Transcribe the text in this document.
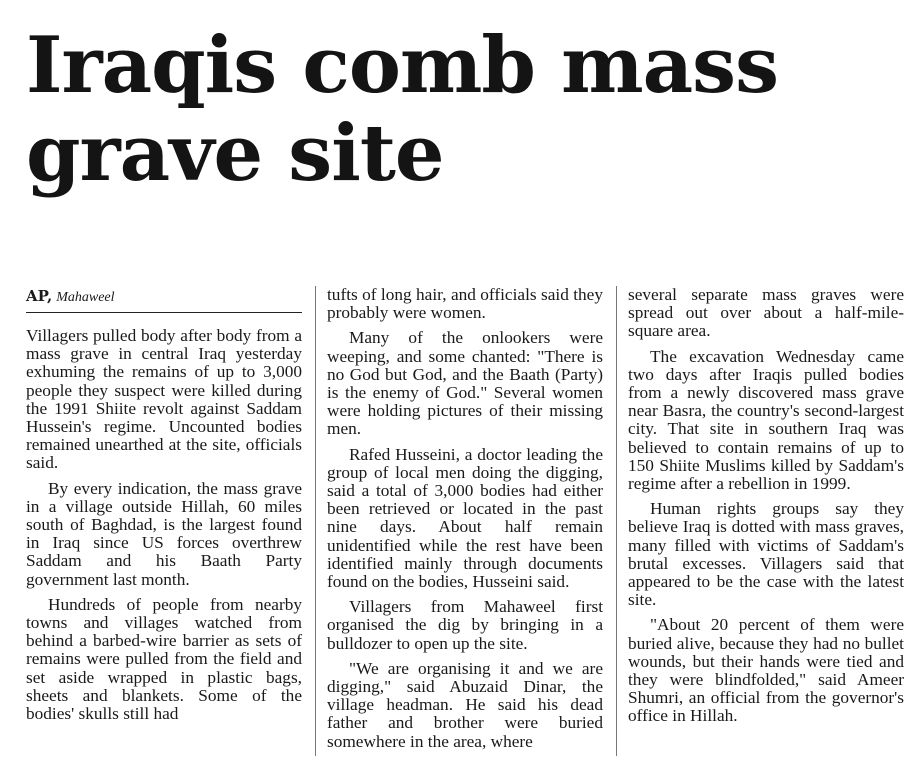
Iraqis comb mass grave site
AP, Mahaweel

Villagers pulled body after body from a mass grave in central Iraq yesterday exhuming the remains of up to 3,000 people they suspect were killed during the 1991 Shiite revolt against Saddam Hussein's regime. Uncounted bodies remained unearthed at the site, officials said.

By every indication, the mass grave in a village outside Hillah, 60 miles south of Baghdad, is the largest found in Iraq since US forces overthrew Saddam and his Baath Party government last month.

Hundreds of people from nearby towns and villages watched from behind a barbed-wire barrier as sets of remains were pulled from the field and set aside wrapped in plastic bags, sheets and blankets. Some of the bodies' skulls still had

tufts of long hair, and officials said they probably were women.

Many of the onlookers were weeping, and some chanted: "There is no God but God, and the Baath (Party) is the enemy of God." Several women were holding pictures of their missing men.

Rafed Husseini, a doctor leading the group of local men doing the digging, said a total of 3,000 bodies had either been retrieved or located in the past nine days. About half remain unidentified while the rest have been identified mainly through documents found on the bodies, Husseini said.

Villagers from Mahaweel first organised the dig by bringing in a bulldozer to open up the site.

"We are organising it and we are digging," said Abuzaid Dinar, the village headman. He said his dead father and brother were buried somewhere in the area, where

several separate mass graves were spread out over about a half-mile-square area.

The excavation Wednesday came two days after Iraqis pulled bodies from a newly discovered mass grave near Basra, the country's second-largest city. That site in southern Iraq was believed to contain remains of up to 150 Shiite Muslims killed by Saddam's regime after a rebellion in 1999.

Human rights groups say they believe Iraq is dotted with mass graves, many filled with victims of Saddam's brutal excesses. Villagers said that appeared to be the case with the latest site.

"About 20 percent of them were buried alive, because they had no bullet wounds, but their hands were tied and they were blindfolded," said Ameer Shumri, an official from the governor's office in Hillah.
